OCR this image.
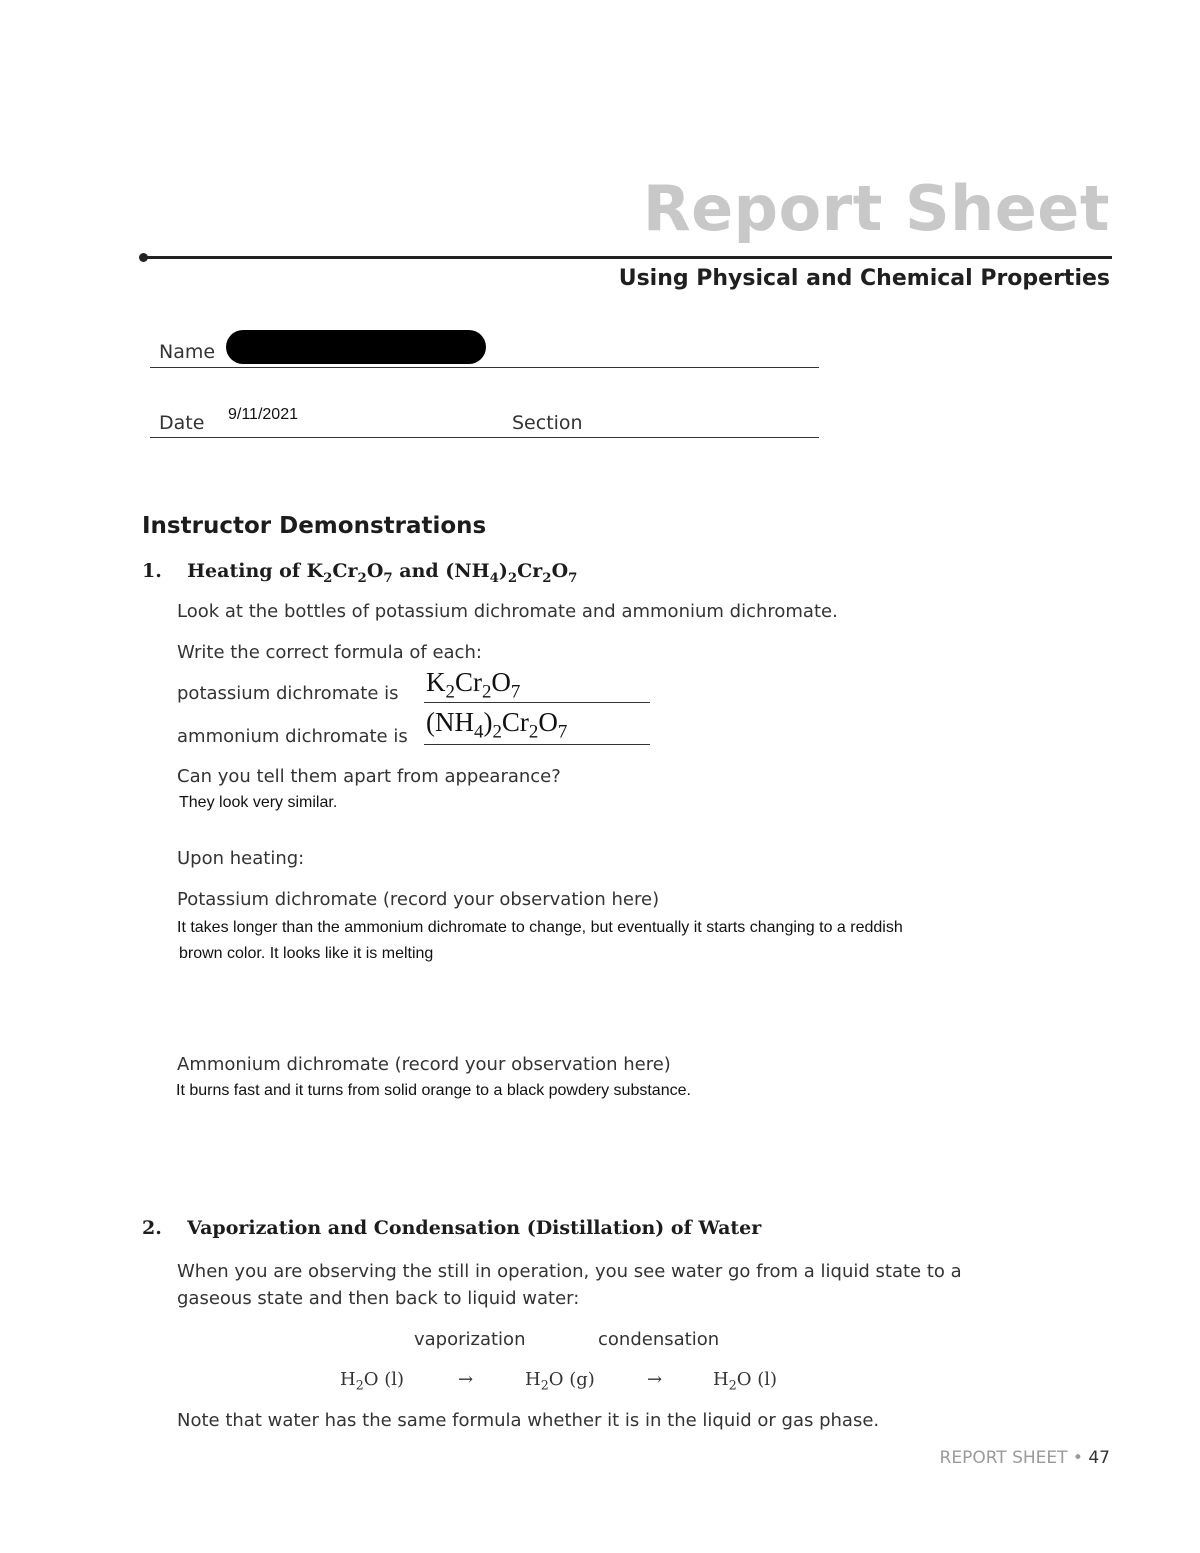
Report Sheet
Using Physical and Chemical Properties
Name
Date 9/11/2021	Section
Instructor Demonstrations
1. Heating of $K_2Cr_2O_7$ and $(NH_4)_2Cr_2O_7$
Look at the bottles of potassium dichromate and ammonium dichromate.
Write the correct formula of each:
potassium dichromate is $K_2Cr_2O_7$
ammonium dichromate is $(NH_4)_2Cr_2O_7$
Can you tell them apart from appearance?
They look very similar.
Upon heating:
Potassium dichromate (record your observation here)
It takes longer than the ammonium dichromate to change, but eventually it starts changing to a reddish
brown color. It looks like it is melting
Ammonium dichromate (record your observation here)
It burns fast and it turns from solid orange to a black powdery substance.
2. Vaporization and Condensation (Distillation) of Water
When you are observing the still in operation, you see water go from a liquid state to a
gaseous state and then back to liquid water:
vaporization	condensation
$H_2O$ (l)	→	$H_2O$ (g)	→	$H_2O$ (l)
Note that water has the same formula whether it is in the liquid or gas phase.
REPORT SHEET • 47
